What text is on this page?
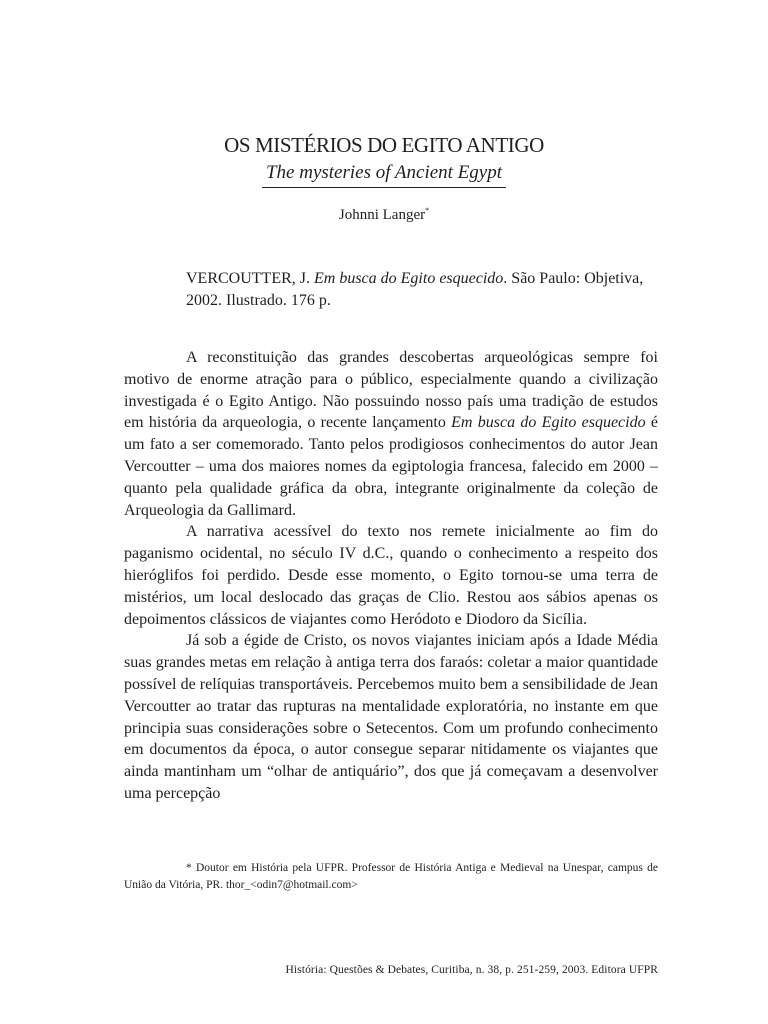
OS MISTÉRIOS DO EGITO ANTIGO
The mysteries of Ancient Egypt
Johnni Langer*
VERCOUTTER, J. Em busca do Egito esquecido. São Paulo: Objetiva, 2002. Ilustrado. 176 p.

A reconstituição das grandes descobertas arqueológicas sempre foi motivo de enorme atração para o público, especialmente quando a civilização investigada é o Egito Antigo. Não possuindo nosso país uma tradição de estudos em história da arqueologia, o recente lançamento Em busca do Egito esquecido é um fato a ser comemorado. Tanto pelos prodigiosos conhecimentos do autor Jean Vercoutter – uma dos maiores nomes da egiptologia francesa, falecido em 2000 – quanto pela qualidade gráfica da obra, integrante originalmente da coleção de Arqueologia da Gallimard.

A narrativa acessível do texto nos remete inicialmente ao fim do paganismo ocidental, no século IV d.C., quando o conhecimento a respeito dos hieróglifos foi perdido. Desde esse momento, o Egito tornou-se uma terra de mistérios, um local deslocado das graças de Clio. Restou aos sábios apenas os depoimentos clássicos de viajantes como Heródoto e Diodoro da Sicília.

Já sob a égide de Cristo, os novos viajantes iniciam após a Idade Média suas grandes metas em relação à antiga terra dos faraós: coletar a maior quantidade possível de relíquias transportáveis. Percebemos muito bem a sensibilidade de Jean Vercoutter ao tratar das rupturas na mentalidade exploratória, no instante em que principia suas considerações sobre o Setecentos. Com um profundo conhecimento em documentos da época, o autor consegue separar nitidamente os viajantes que ainda mantinham um “olhar de antiquário”, dos que já começavam a desenvolver uma percepção

* Doutor em História pela UFPR. Professor de História Antiga e Medieval na Unespar, campus de União da Vitória, PR. thor_<odin7@hotmail.com>
História: Questões & Debates, Curitiba, n. 38, p. 251-259, 2003. Editora UFPR
